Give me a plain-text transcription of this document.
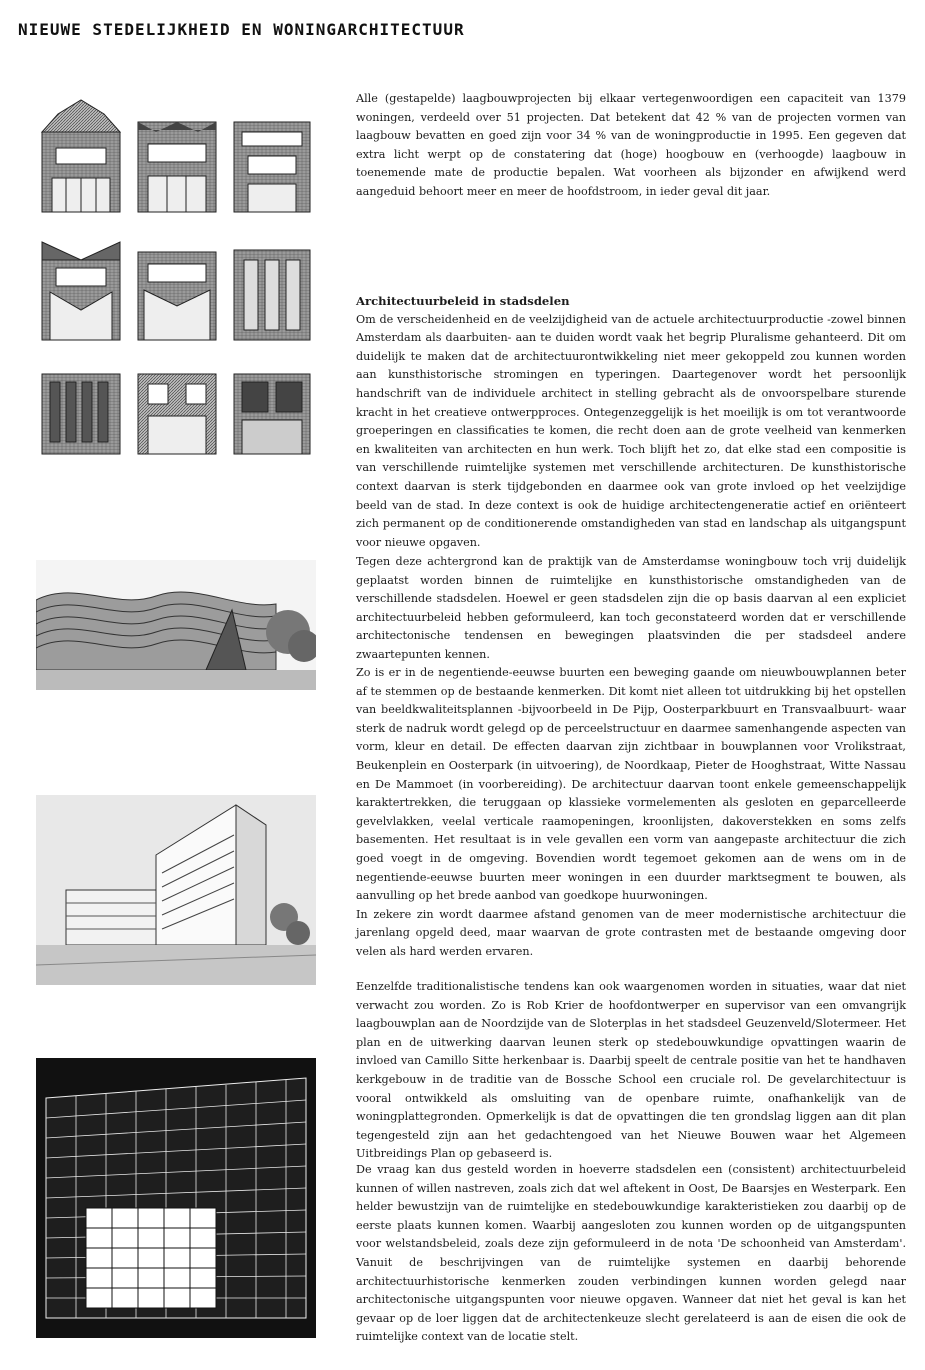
NIEUWE STEDELIJKHEID EN WONINGARCHITECTUUR

Alle (gestapelde) laagbouwprojecten bij elkaar vertegenwoordigen een capaciteit van 1379 woningen, verdeeld over 51 projecten. Dat betekent dat 42 % van de projecten vormen van laagbouw bevatten en goed zijn voor 34 % van de woningproductie in 1995. Een gegeven dat extra licht werpt op de constatering dat (hoge) hoogbouw en (verhoogde) laagbouw in toenemende mate de productie bepalen. Wat voorheen als bijzonder en afwijkend werd aangeduid behoort meer en meer de hoofdstroom, in ieder geval dit jaar.

Architectuurbeleid in stadsdelen

Om de verscheidenheid en de veelzijdigheid van de actuele architectuurproductie -zowel binnen Amsterdam als daarbuiten- aan te duiden wordt vaak het begrip Pluralisme gehanteerd. Dit om duidelijk te maken dat de architectuurontwikkeling niet meer gekoppeld zou kunnen worden aan kunsthistorische stromingen en typeringen. Daartegenover wordt het persoonlijk handschrift van de individuele architect in stelling gebracht als de onvoorspelbare sturende kracht in het creatieve ontwerpproces. Ontegenzeggelijk is het moeilijk is om tot verantwoorde groeperingen en classificaties te komen, die recht doen aan de grote veelheid van kenmerken en kwaliteiten van architecten en hun werk. Toch blijft het zo, dat elke stad een compositie is van verschillende ruimtelijke systemen met verschillende architecturen. De kunsthistorische context daarvan is sterk tijdgebonden en daarmee ook van grote invloed op het veelzijdige beeld van de stad. In deze context is ook de huidige architectengeneratie actief en oriënteert zich permanent op de conditionerende omstandigheden van stad en landschap als uitgangspunt voor nieuwe opgaven.

Tegen deze achtergrond kan de praktijk van de Amsterdamse woningbouw toch vrij duidelijk geplaatst worden binnen de ruimtelijke en kunsthistorische omstandigheden van de verschillende stadsdelen. Hoewel er geen stadsdelen zijn die op basis daarvan al een expliciet architectuurbeleid hebben geformuleerd, kan toch geconstateerd worden dat er verschillende architectonische tendensen en bewegingen plaatsvinden die per stadsdeel andere zwaartepunten kennen.

Zo is er in de negentiende-eeuwse buurten een beweging gaande om nieuwbouwplannen beter af te stemmen op de bestaande kenmerken. Dit komt niet alleen tot uitdrukking bij het opstellen van beeldkwaliteitsplannen -bijvoorbeeld in De Pijp, Oosterparkbuurt en Transvaalbuurt- waar sterk de nadruk wordt gelegd op de perceelstructuur en daarmee samenhangende aspecten van vorm, kleur en detail. De effecten daarvan zijn zichtbaar in bouwplannen voor Vrolikstraat, Beukenplein en Oosterpark (in uitvoering), de Noordkaap, Pieter de Hooghstraat, Witte Nassau en De Mammoet (in voorbereiding). De architectuur daarvan toont enkele gemeenschappelijk karaktertrekken, die teruggaan op klassieke vormelementen als gesloten en geparcelleerde gevelvlakken, veelal verticale raamopeningen, kroonlijsten, dakoverstekken en soms zelfs basementen. Het resultaat is in vele gevallen een vorm van aangepaste architectuur die zich goed voegt in de omgeving. Bovendien wordt tegemoet gekomen aan de wens om in de negentiende-eeuwse buurten meer woningen in een duurder marktsegment te bouwen, als aanvulling op het brede aanbod van goedkope huurwoningen.

In zekere zin wordt daarmee afstand genomen van de meer modernistische architectuur die jarenlang opgeld deed, maar waarvan de grote contrasten met de bestaande omgeving door velen als hard werden ervaren.

Eenzelfde traditionalistische tendens kan ook waargenomen worden in situaties, waar dat niet verwacht zou worden. Zo is Rob Krier de hoofdontwerper en supervisor van een omvangrijk laagbouwplan aan de Noordzijde van de Sloterplas in het stadsdeel Geuzenveld/Slotermeer. Het plan en de uitwerking daarvan leunen sterk op stedebouwkundige opvattingen waarin de invloed van Camillo Sitte herkenbaar is. Daarbij speelt de centrale positie van het te handhaven kerkgebouw in de traditie van de Bossche School een cruciale rol. De gevelarchitectuur is vooral ontwikkeld als omsluiting van de openbare ruimte, onafhankelijk van de woningplattegronden. Opmerkelijk is dat de opvattingen die ten grondslag liggen aan dit plan tegengesteld zijn aan het gedachtengoed van het Nieuwe Bouwen waar het Algemeen Uitbreidings Plan op gebaseerd is.

De vraag kan dus gesteld worden in hoeverre stadsdelen een (consistent) architectuurbeleid kunnen of willen nastreven, zoals zich dat wel aftekent in Oost, De Baarsjes en Westerpark. Een helder bewustzijn van de ruimtelijke en stedebouwkundige karakteristieken zou daarbij op de eerste plaats kunnen komen. Waarbij aangesloten zou kunnen worden op de uitgangspunten voor welstandsbeleid, zoals deze zijn geformuleerd in de nota 'De schoonheid van Amsterdam'. Vanuit de beschrijvingen van de ruimtelijke systemen en daarbij behorende architectuurhistorische kenmerken zouden verbindingen kunnen worden gelegd naar architectonische uitgangspunten voor nieuwe opgaven. Wanneer dat niet het geval is kan het gevaar op de loer liggen dat de architectenkeuze slecht gerelateerd is aan de eisen die ook de ruimtelijke context van de locatie stelt.
